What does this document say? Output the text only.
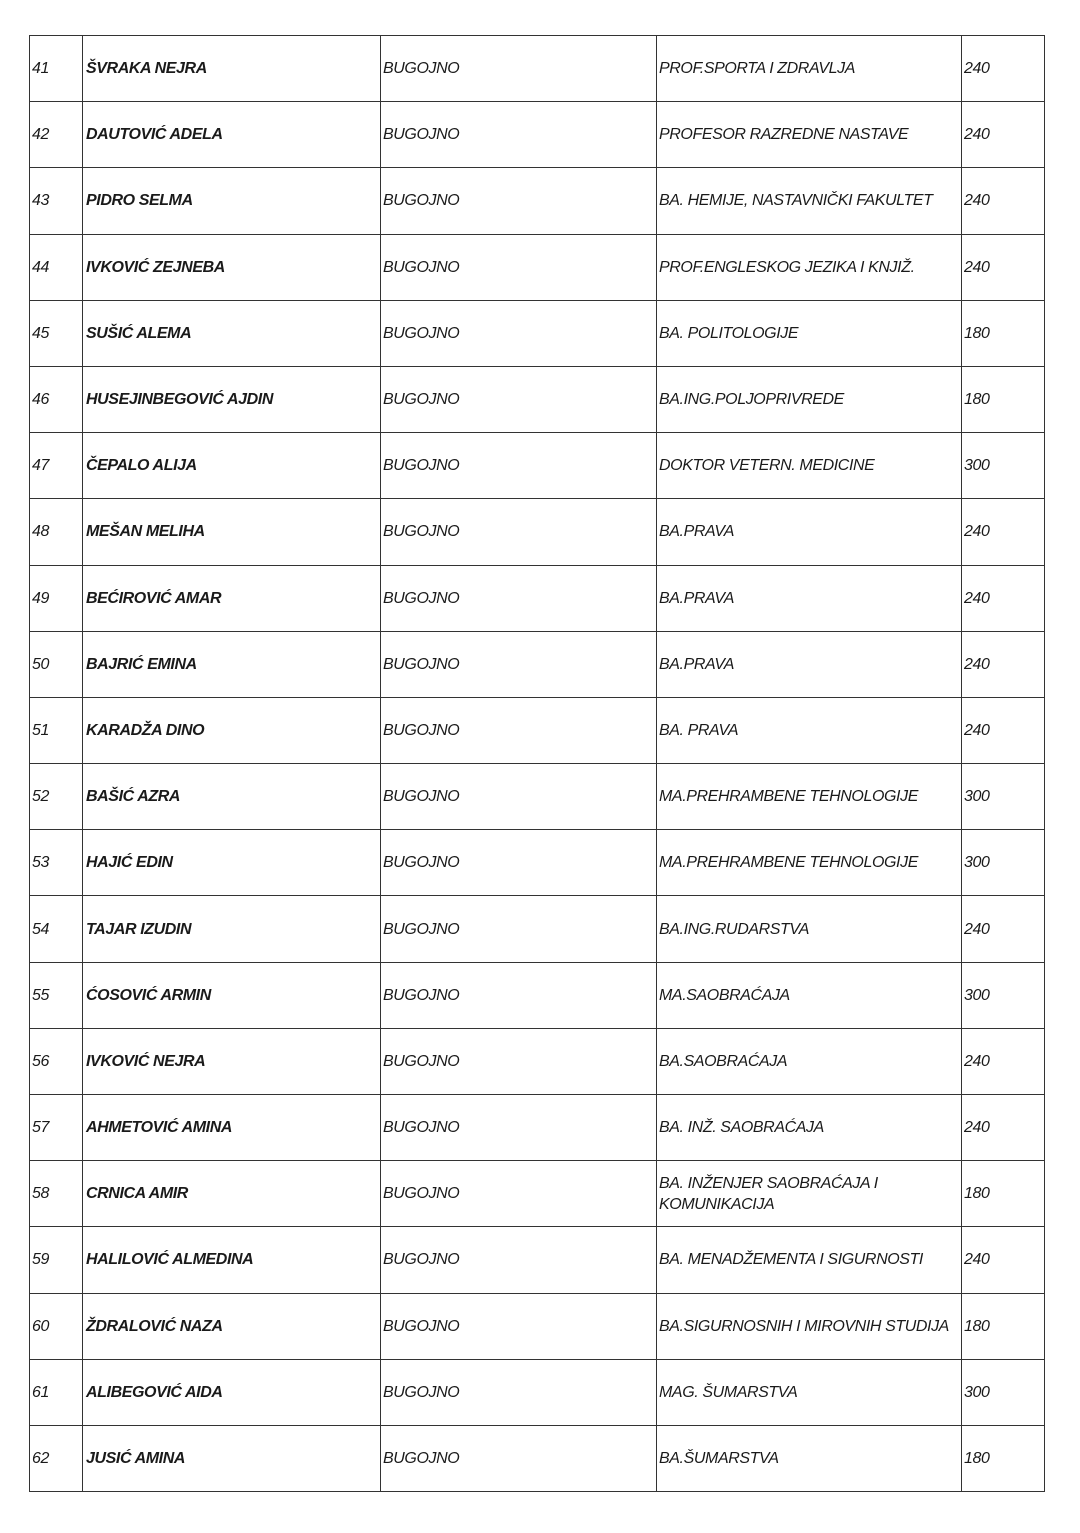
41	ŠVRAKA NEJRA	BUGOJNO	PROF.SPORTA I ZDRAVLJA	240
42	DAUTOVIĆ ADELA	BUGOJNO	PROFESOR RAZREDNE NASTAVE	240
43	PIDRO SELMA	BUGOJNO	BA. HEMIJE, NASTAVNIČKI FAKULTET	240
44	IVKOVIĆ ZEJNEBA	BUGOJNO	PROF.ENGLESKOG JEZIKA I KNJIŽ.	240
45	SUŠIĆ ALEMA	BUGOJNO	BA. POLITOLOGIJE	180
46	HUSEJINBEGOVIĆ AJDIN	BUGOJNO	BA.ING.POLJOPRIVREDE	180
47	ČEPALO ALIJA	BUGOJNO	DOKTOR VETERN. MEDICINE	300
48	MEŠAN MELIHA	BUGOJNO	BA.PRAVA	240
49	BEĆIROVIĆ AMAR	BUGOJNO	BA.PRAVA	240
50	BAJRIĆ EMINA	BUGOJNO	BA.PRAVA	240
51	KARADŽA DINO	BUGOJNO	BA. PRAVA	240
52	BAŠIĆ AZRA	BUGOJNO	MA.PREHRAMBENE TEHNOLOGIJE	300
53	HAJIĆ EDIN	BUGOJNO	MA.PREHRAMBENE TEHNOLOGIJE	300
54	TAJAR IZUDIN	BUGOJNO	BA.ING.RUDARSTVA	240
55	ĆOSOVIĆ ARMIN	BUGOJNO	MA.SAOBRAĆAJA	300
56	IVKOVIĆ NEJRA	BUGOJNO	BA.SAOBRAĆAJA	240
57	AHMETOVIĆ AMINA	BUGOJNO	BA. INŽ. SAOBRAĆAJA	240
58	CRNICA AMIR	BUGOJNO	BA. INŽENJER SAOBRAĆAJA I KOMUNIKACIJA	180
59	HALILOVIĆ ALMEDINA	BUGOJNO	BA. MENADŽEMENTA I SIGURNOSTI	240
60	ŽDRALOVIĆ NAZA	BUGOJNO	BA.SIGURNOSNIH I MIROVNIH STUDIJA	180
61	ALIBEGOVIĆ AIDA	BUGOJNO	MAG. ŠUMARSTVA	300
62	JUSIĆ AMINA	BUGOJNO	BA.ŠUMARSTVA	180
